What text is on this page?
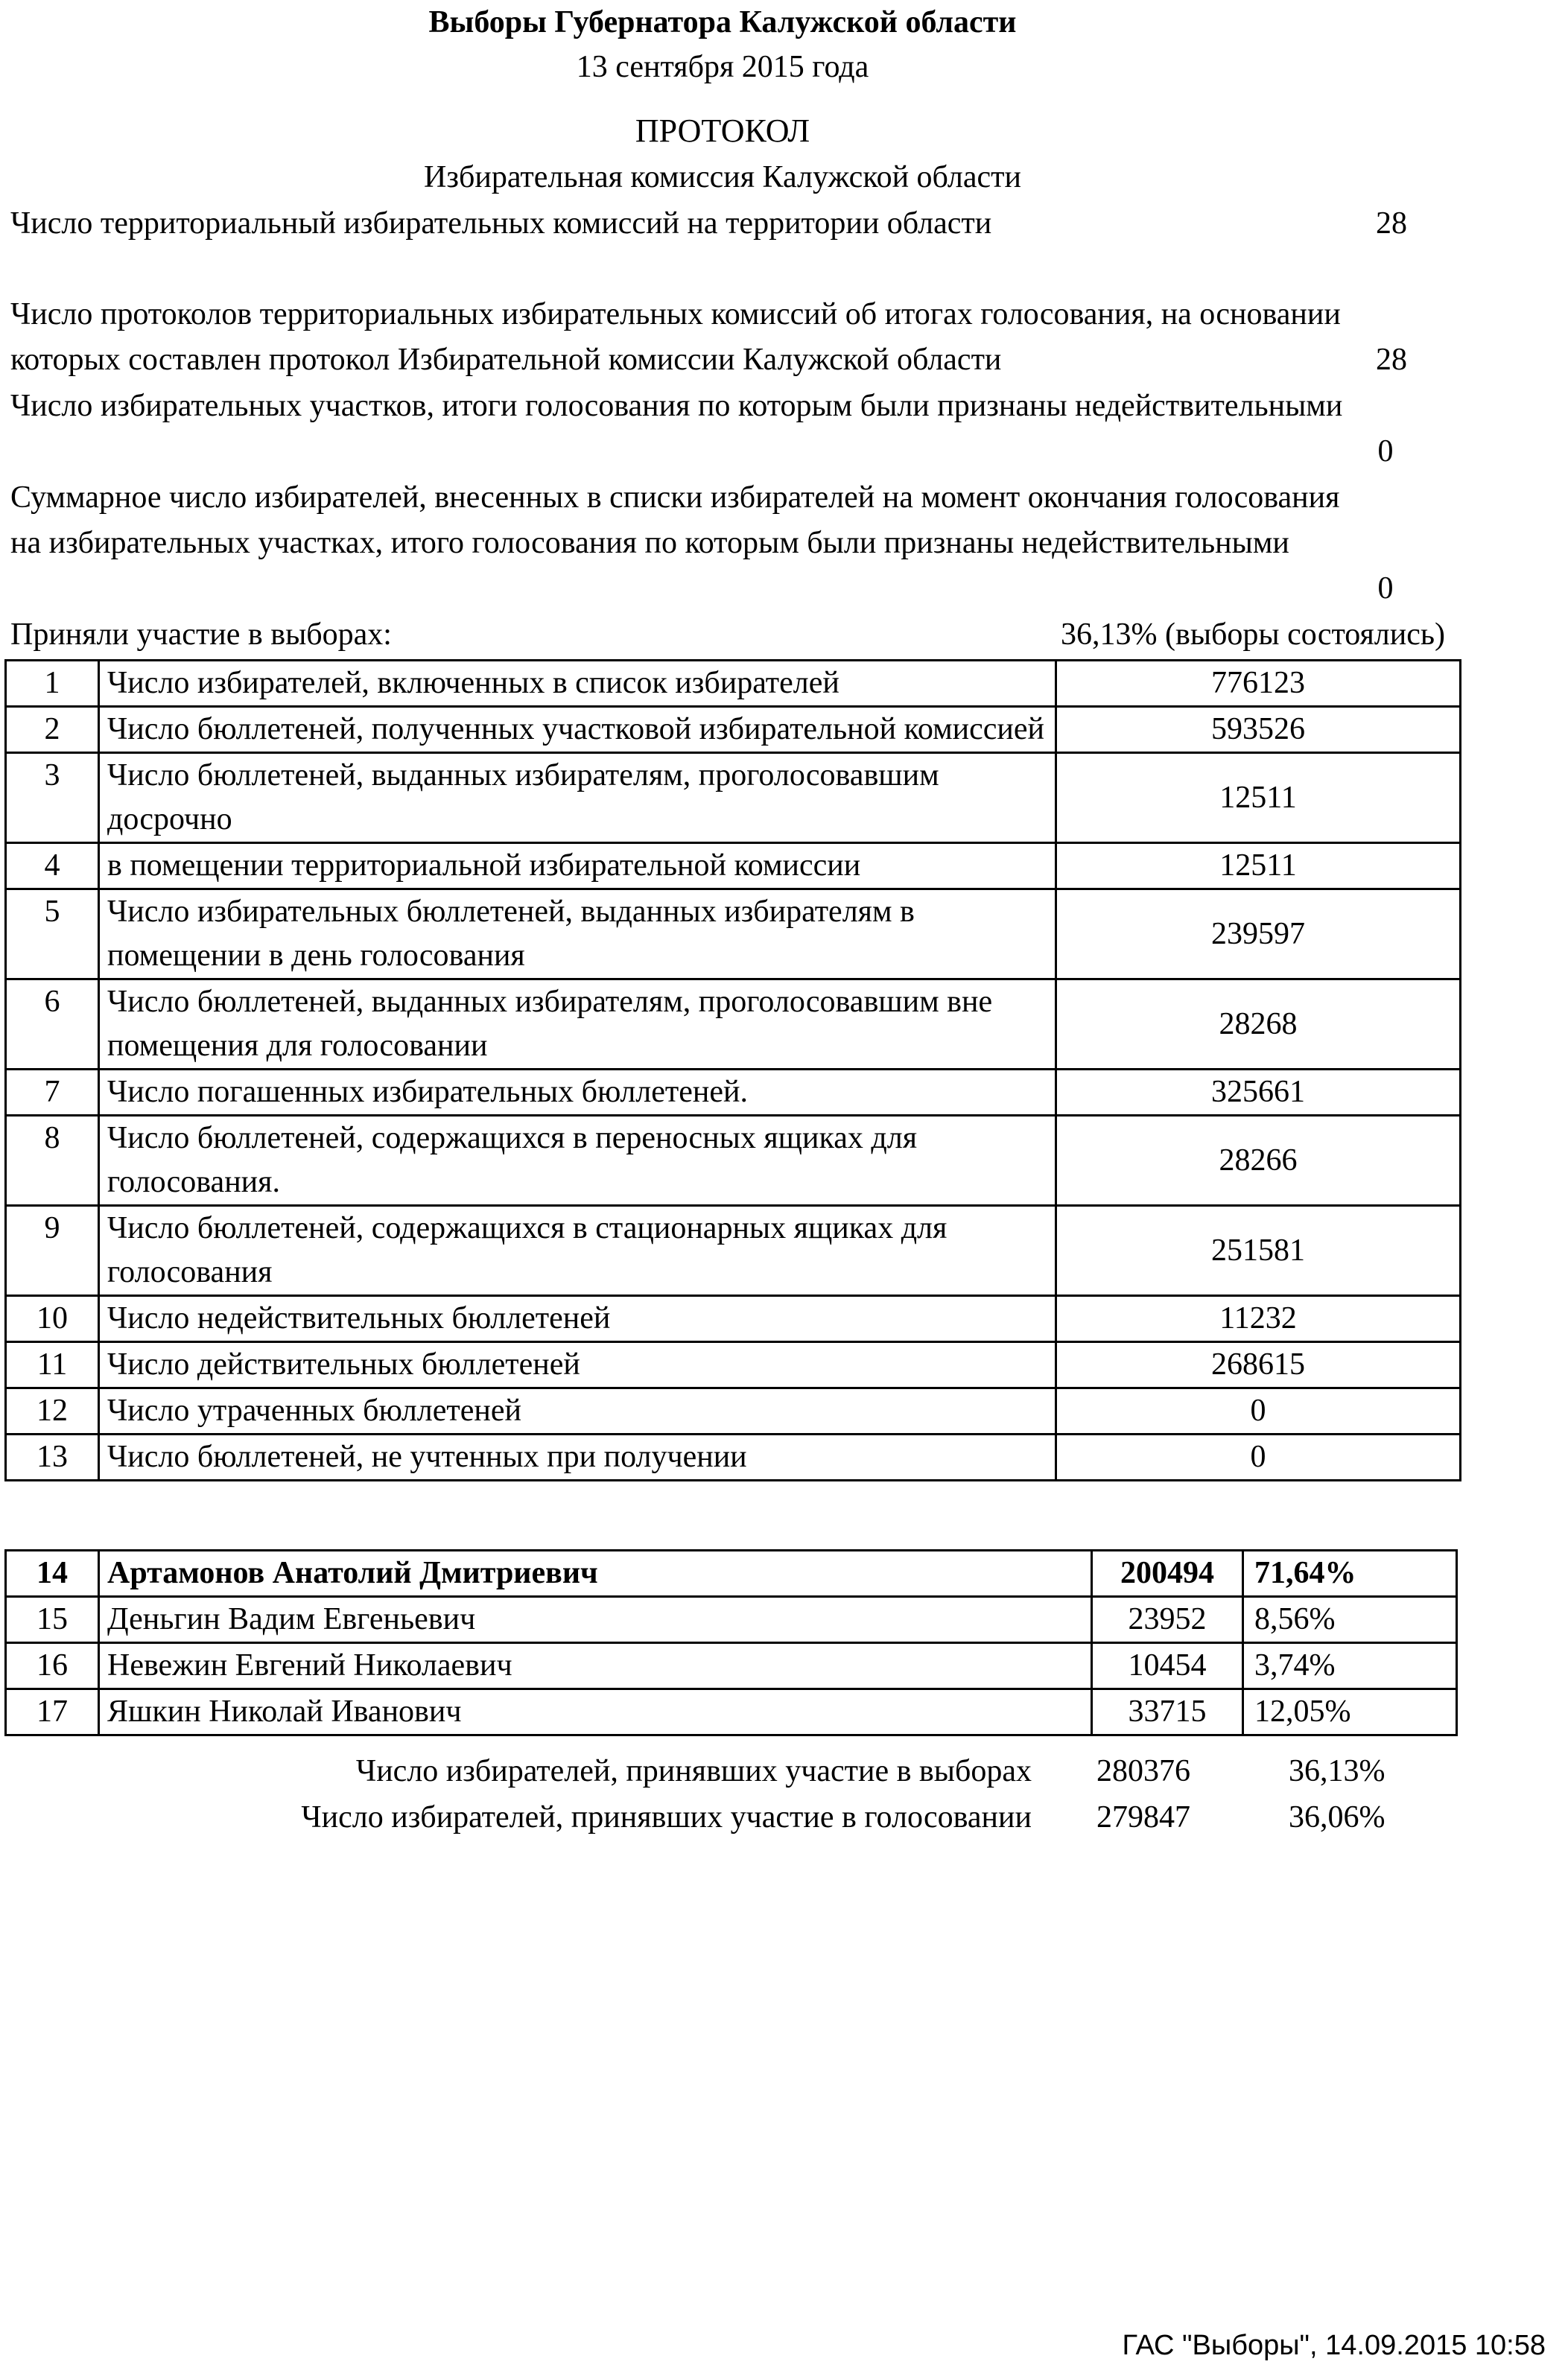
Выборы Губернатора Калужской области
13 сентября 2015 года
ПРОТОКОЛ
Избирательная комиссия Калужской области
Число территориальный избирательных комиссий на территории области	28
Число протоколов территориальных избирательных комиссий об итогах голосования, на основании которых составлен протокол Избирательной комиссии Калужской области	28
Число избирательных участков, итоги голосования по которым были признаны недействительными
0
Суммарное число избирателей, внесенных в списки избирателей на момент окончания голосования на избирательных участках, итого голосования по которым были признаны недействительными
0
Приняли участие в выборах:	36,13% (выборы состоялись)
1	Число избирателей, включенных в список избирателей	776123
2	Число бюллетеней, полученных участковой избирательной комиссией	593526
3	Число бюллетеней, выданных избирателям, проголосовавшим досрочно	12511
4	в помещении территориальной избирательной комиссии	12511
5	Число избирательных бюллетеней, выданных избирателям в помещении в день голосования	239597
6	Число бюллетеней, выданных избирателям, проголосовавшим вне помещения для голосовании	28268
7	Число погашенных избирательных бюллетеней.	325661
8	Число бюллетеней, содержащихся в переносных ящиках для голосования.	28266
9	Число бюллетеней, содержащихся в стационарных ящиках для голосования	251581
10	Число недействительных бюллетеней	11232
11	Число действительных бюллетеней	268615
12	Число утраченных бюллетеней	0
13	Число бюллетеней, не учтенных при получении	0
14	Артамонов Анатолий Дмитриевич	200494	71,64%
15	Деньгин Вадим Евгеньевич	23952	8,56%
16	Невежин Евгений Николаевич	10454	3,74%
17	Яшкин Николай Иванович	33715	12,05%
Число избирателей, принявших участие в выборах 280376	36,13%
Число избирателей, принявших участие в голосовании 279847	36,06%
ГАС "Выборы", 14.09.2015 10:58
